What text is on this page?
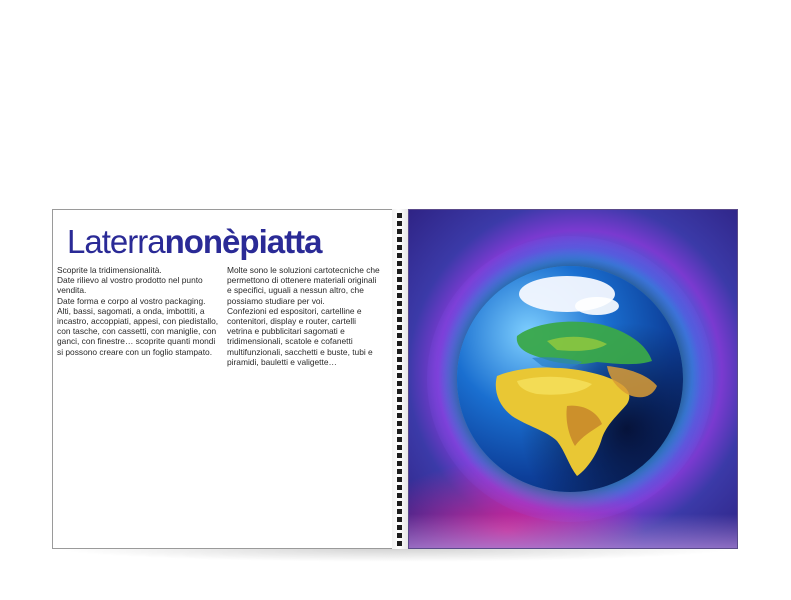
Laterranonèpiatta

Scoprite la tridimensionalità.

Date rilievo al vostro prodotto nel punto vendita.

Date forma e corpo al vostro packaging.

Alti, bassi, sagomati, a onda, imbottiti, a incastro, accoppiati, appesi, con piedistallo, con tasche, con cassetti, con maniglie, con ganci, con finestre… scoprite quanti mondi si possono creare con un foglio stampato.

Molte sono le soluzioni cartotecniche che permettono di ottenere materiali originali e specifici, uguali a nessun altro, che possiamo studiare per voi.

Confezioni ed espositori, cartelline e contenitori, display e router, cartelli vetrina e pubblicitari sagomati e tridimensionali, scatole e cofanetti multifunzionali, sacchetti e buste, tubi e piramidi, bauletti e valigette…
